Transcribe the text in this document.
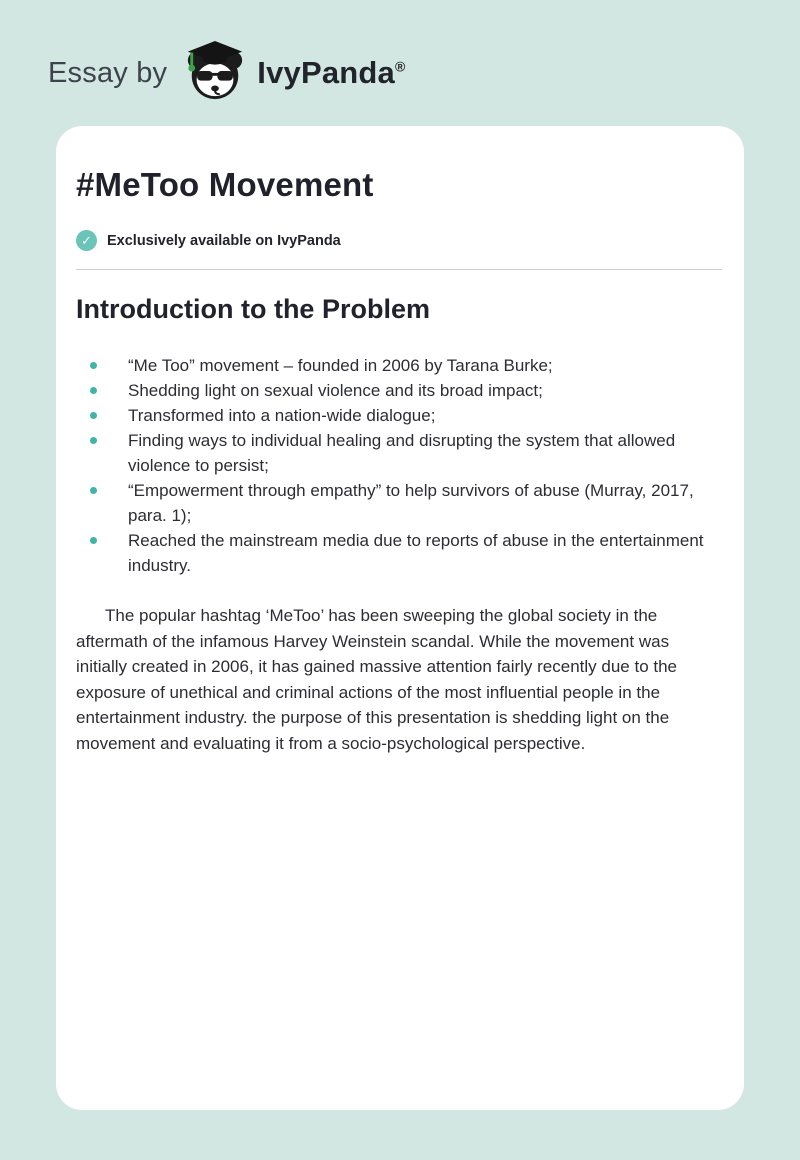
Essay by	IvyPanda®
#MeToo Movement
✓	Exclusively available on IvyPanda
Introduction to the Problem
“Me Too” movement – founded in 2006 by Tarana Burke;
Shedding light on sexual violence and its broad impact;
Transformed into a nation-wide dialogue;
Finding ways to individual healing and disrupting the system that allowed violence to persist;
“Empowerment through empathy” to help survivors of abuse (Murray, 2017, para. 1);
Reached the mainstream media due to reports of abuse in the entertainment industry.

The popular hashtag ‘MeToo’ has been sweeping the global society in the aftermath of the infamous Harvey Weinstein scandal. While the movement was initially created in 2006, it has gained massive attention fairly recently due to the exposure of unethical and criminal actions of the most influential people in the entertainment industry. the purpose of this presentation is shedding light on the movement and evaluating it from a socio-psychological perspective.
